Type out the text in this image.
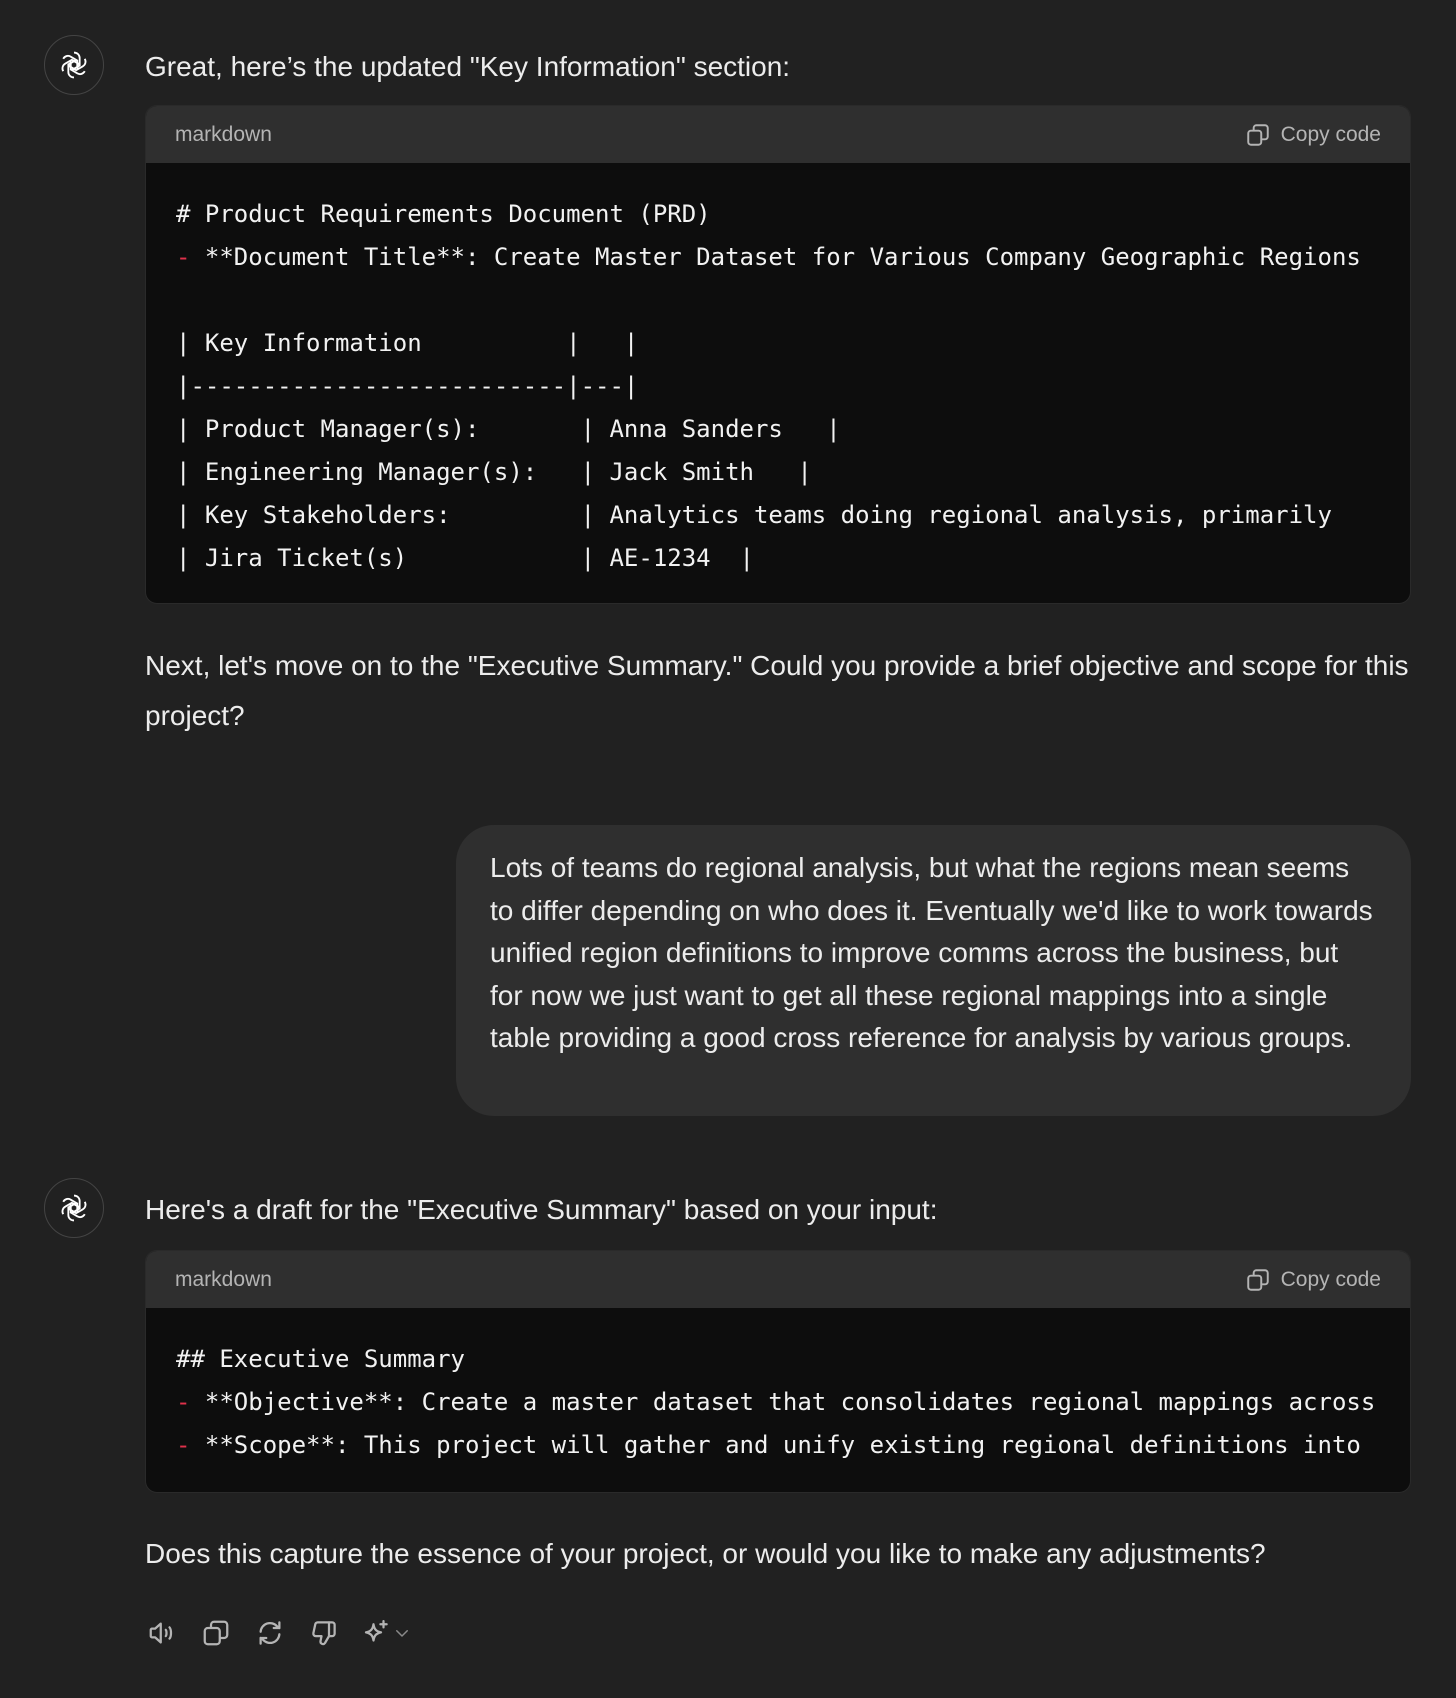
Great, here’s the updated "Key Information" section:
markdown	Copy code
# Product Requirements Document (PRD)
- **Document Title**: Create Master Dataset for Various Company Geographic Regions
| Key Information          |   |
|--------------------------|---|
| Product Manager(s):       | Anna Sanders   |
| Engineering Manager(s):   | Jack Smith   |
| Key Stakeholders:         | Analytics teams doing regional analysis, primarily
| Jira Ticket(s)            | AE-1234  |
Next, let's move on to the "Executive Summary." Could you provide a brief objective and scope for this project?
Lots of teams do regional analysis, but what the regions mean seems to differ depending on who does it. Eventually we'd like to work towards unified region definitions to improve comms across the business, but for now we just want to get all these regional mappings into a single table providing a good cross reference for analysis by various groups.
Here's a draft for the "Executive Summary" based on your input:
markdown	Copy code
## Executive Summary
- **Objective**: Create a master dataset that consolidates regional mappings across
- **Scope**: This project will gather and unify existing regional definitions into
Does this capture the essence of your project, or would you like to make any adjustments?
